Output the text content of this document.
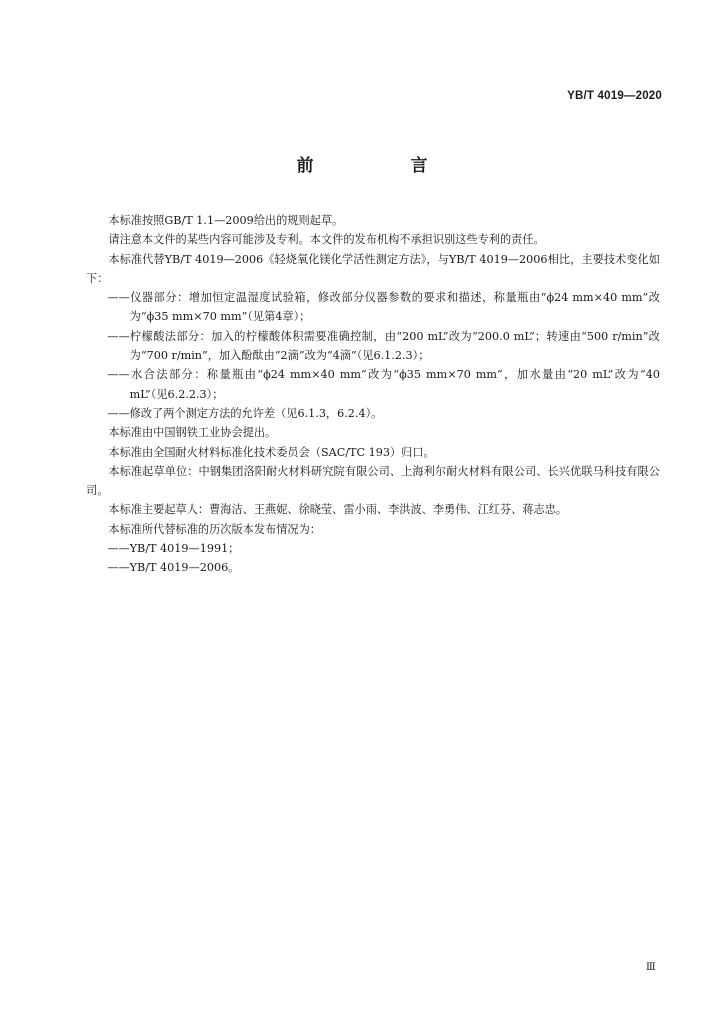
YB/T 4019—2020
前　言

本标准按照GB/T 1.1—2009给出的规则起草。

请注意本文件的某些内容可能涉及专利。本文件的发布机构不承担识别这些专利的责任。

本标准代替YB/T 4019—2006《轻烧氧化镁化学活性测定方法》，与YB/T 4019—2006相比，主要技术变化如下：

——仪器部分：增加恒定温湿度试验箱，修改部分仪器参数的要求和描述，称量瓶由“ϕ24 mm×40 mm”改为“ϕ35 mm×70 mm”（见第4章）；

——柠檬酸法部分：加入的柠檬酸体积需要准确控制，由“200 mL”改为“200.0 mL”；转速由“500 r/min”改为“700 r/min”，加入酚酞由“2滴”改为“4滴”（见6.1.2.3）；

——水合法部分：称量瓶由“ϕ24 mm×40 mm”改为“ϕ35 mm×70 mm”，加水量由“20 mL”改为“40 mL”（见6.2.2.3）；

——修改了两个测定方法的允许差（见6.1.3，6.2.4）。

本标准由中国钢铁工业协会提出。

本标准由全国耐火材料标准化技术委员会（SAC/TC 193）归口。

本标准起草单位：中钢集团洛阳耐火材料研究院有限公司、上海利尔耐火材料有限公司、长兴优联马科技有限公司。

本标准主要起草人：曹海洁、王燕妮、徐晓莹、雷小雨、李洪波、李勇伟、江红芬、蒋志忠。

本标准所代替标准的历次版本发布情况为：

——YB/T 4019—1991；

——YB/T 4019—2006。

Ⅲ
